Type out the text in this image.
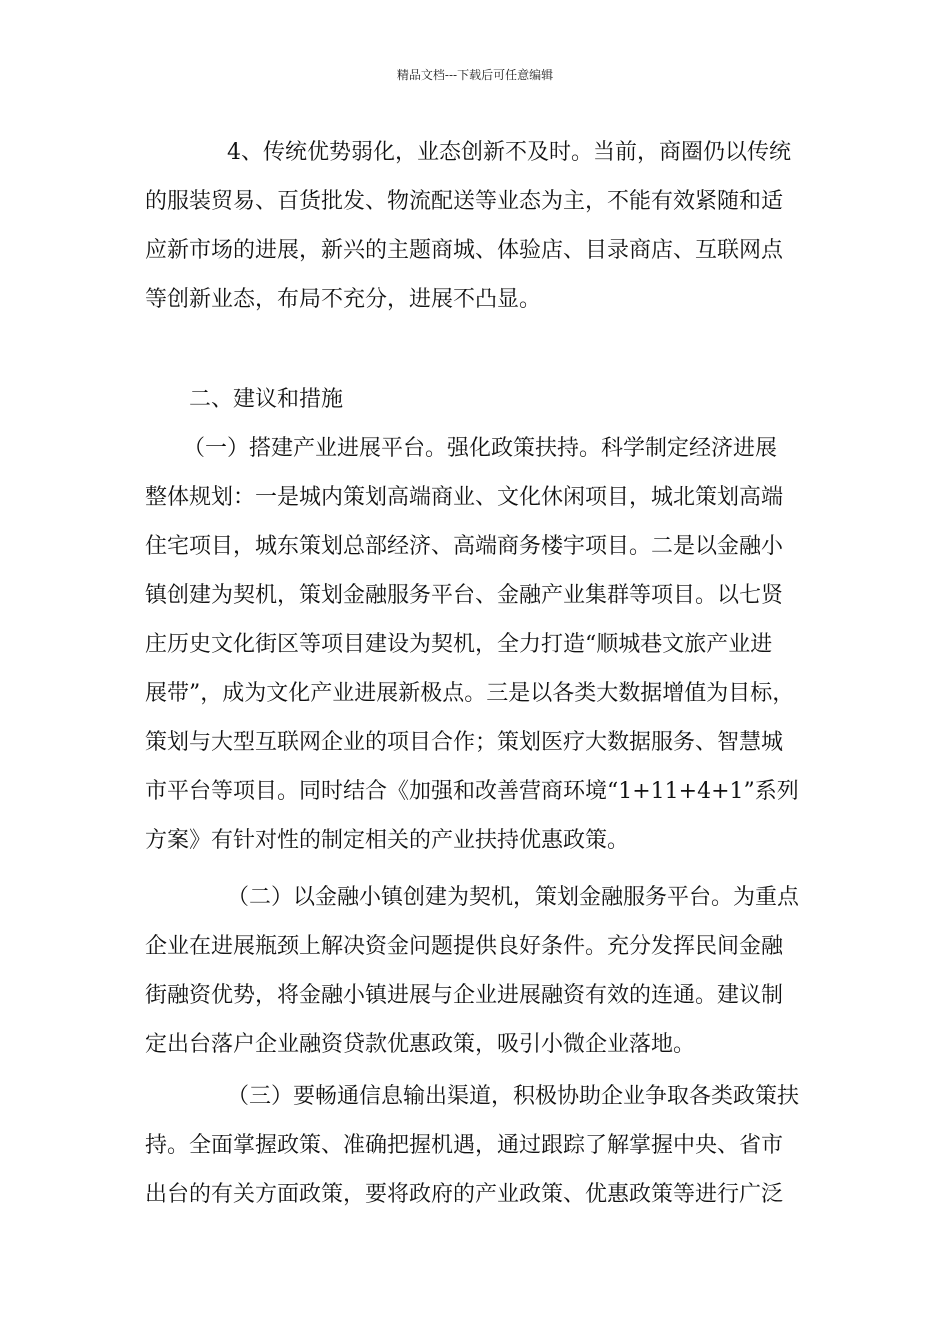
精品文档---下载后可任意编辑
4、传统优势弱化，业态创新不及时。当前，商圈仍以传统
的服装贸易、百货批发、物流配送等业态为主，不能有效紧随和适
应新市场的进展，新兴的主题商城、体验店、目录商店、互联网点
等创新业态，布局不充分，进展不凸显。
二、建议和措施
（一）搭建产业进展平台。强化政策扶持。科学制定经济进展
整体规划：一是城内策划高端商业、文化休闲项目，城北策划高端
住宅项目，城东策划总部经济、高端商务楼宇项目。二是以金融小
镇创建为契机，策划金融服务平台、金融产业集群等项目。以七贤
庄历史文化街区等项目建设为契机，全力打造“顺城巷文旅产业进
展带”，成为文化产业进展新极点。三是以各类大数据增值为目标，
策划与大型互联网企业的项目合作；策划医疗大数据服务、智慧城
市平台等项目。同时结合《加强和改善营商环境“1+11+4+1”系列
方案》有针对性的制定相关的产业扶持优惠政策。
（二）以金融小镇创建为契机，策划金融服务平台。为重点
企业在进展瓶颈上解决资金问题提供良好条件。充分发挥民间金融
街融资优势，将金融小镇进展与企业进展融资有效的连通。建议制
定出台落户企业融资贷款优惠政策，吸引小微企业落地。
（三）要畅通信息输出渠道，积极协助企业争取各类政策扶
持。全面掌握政策、准确把握机遇，通过跟踪了解掌握中央、省市
出台的有关方面政策，要将政府的产业政策、优惠政策等进行广泛
